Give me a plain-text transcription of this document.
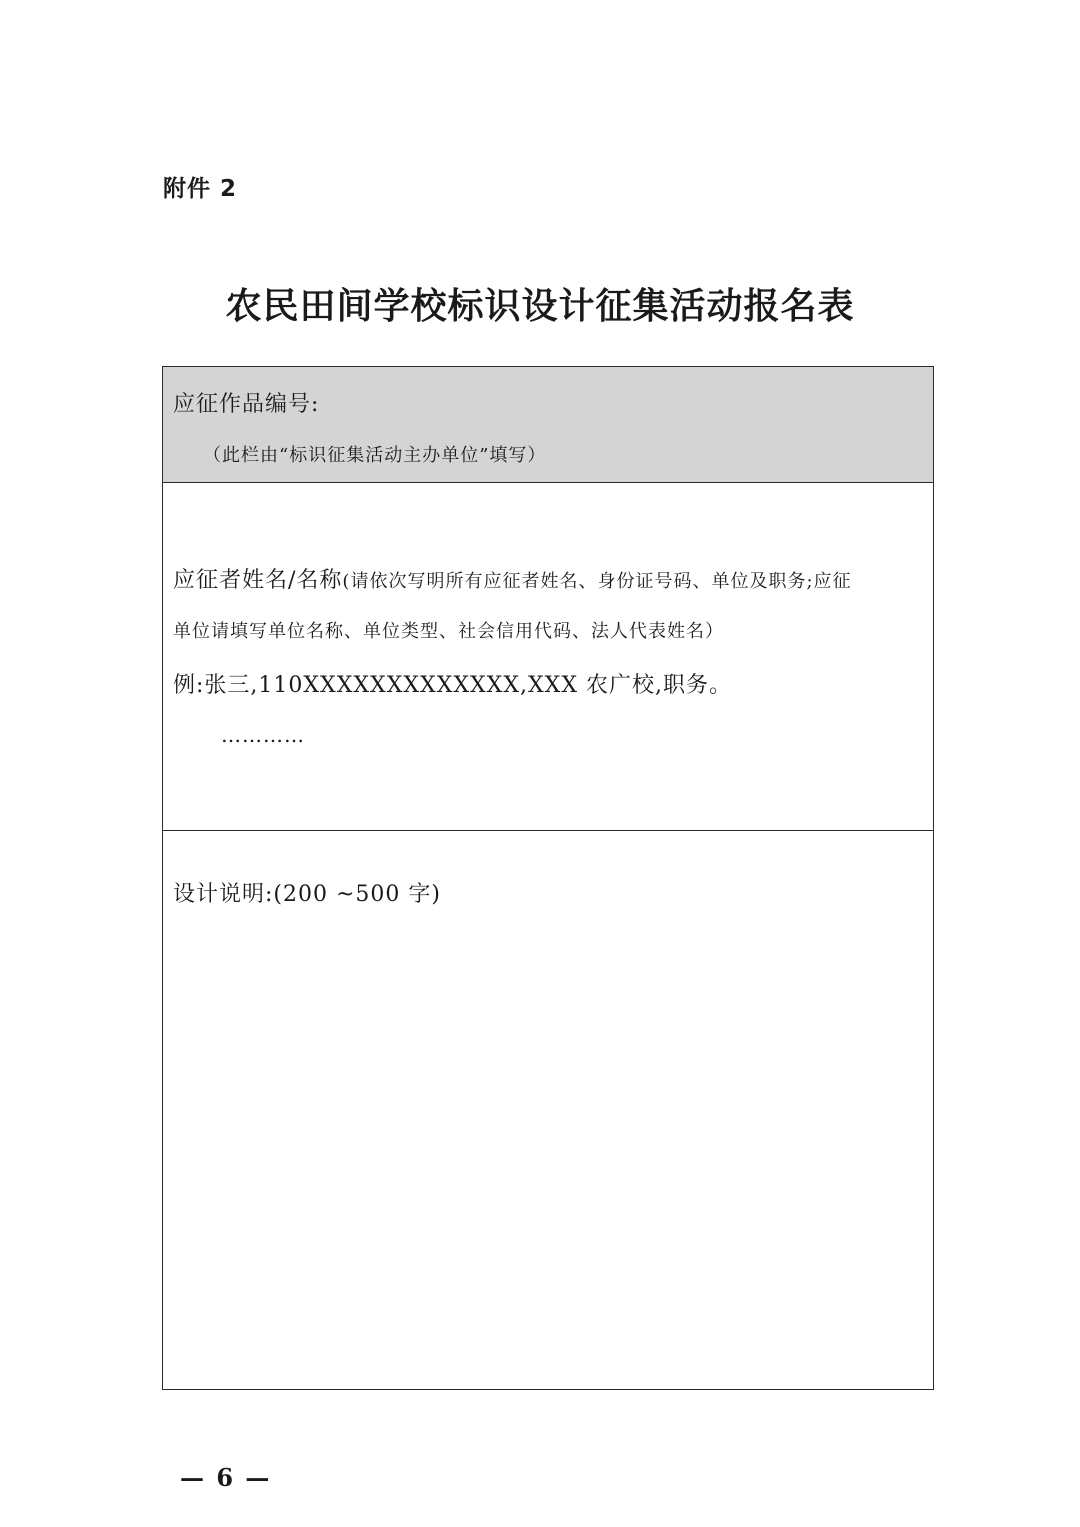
附件 2
农民田间学校标识设计征集活动报名表
应征作品编号:
（此栏由“标识征集活动主办单位”填写）
应征者姓名/名称(请依次写明所有应征者姓名、身份证号码、单位及职务;应征
单位请填写单位名称、单位类型、社会信用代码、法人代表姓名）
例:张三,110XXXXXXXXXXXXX,XXX 农广校,职务。
…………
设计说明:(200 ~500 字)
— 6 —
